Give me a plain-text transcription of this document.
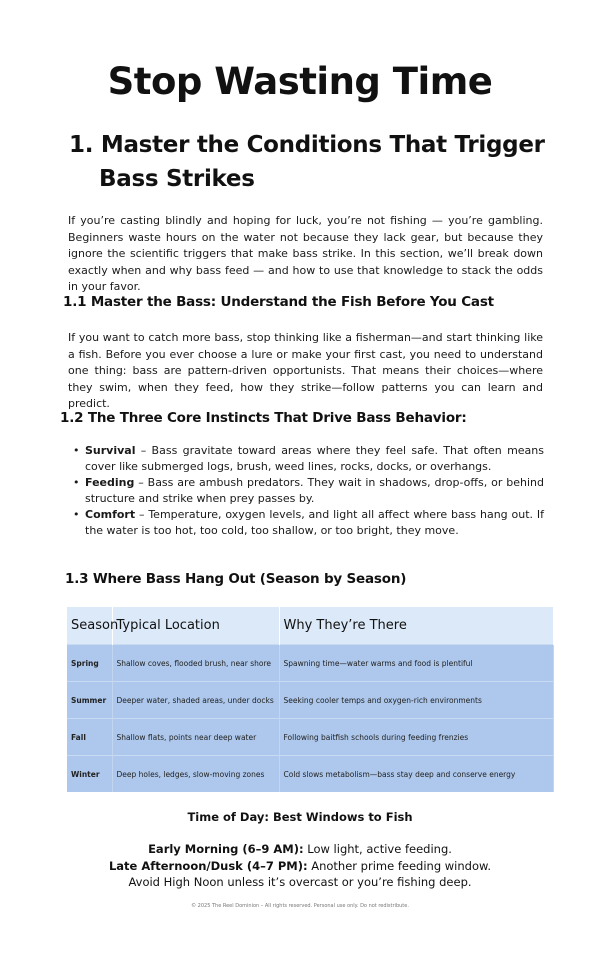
Stop Wasting Time
1. Master the Conditions That Trigger
Bass Strikes

If you’re casting blindly and hoping for luck, you’re not fishing — you’re gambling. Beginners waste hours on the water not because they lack gear, but because they ignore the scientific triggers that make bass strike. In this section, we’ll break down exactly when and why bass feed — and how to use that knowledge to stack the odds in your favor.

1.1 Master the Bass: Understand the Fish Before You Cast

If you want to catch more bass, stop thinking like a fisherman—and start thinking like a fish. Before you ever choose a lure or make your first cast, you need to understand one thing: bass are pattern-driven opportunists. That means their choices—where they swim, when they feed, how they strike—follow patterns you can learn and predict.

1.2 The Three Core Instincts That Drive Bass Behavior:
• Survival – Bass gravitate toward areas where they feel safe. That often means cover like submerged logs, brush, weed lines, rocks, docks, or overhangs.
• Feeding – Bass are ambush predators. They wait in shadows, drop-offs, or behind structure and strike when prey passes by.
• Comfort – Temperature, oxygen levels, and light all affect where bass hang out. If the water is too hot, too cold, too shallow, or too bright, they move.
1.3 Where Bass Hang Out (Season by Season)
Season	Typical Location	Why They’re There
Spring	Shallow coves, flooded brush, near shore	Spawning time—water warms and food is plentiful
Summer	Deeper water, shaded areas, under docks	Seeking cooler temps and oxygen-rich environments
Fall	Shallow flats, points near deep water	Following baitfish schools during feeding frenzies
Winter	Deep holes, ledges, slow-moving zones	Cold slows metabolism—bass stay deep and conserve energy

Time of Day: Best Windows to Fish

Early Morning (6–9 AM): Low light, active feeding.
Late Afternoon/Dusk (4–7 PM): Another prime feeding window.
Avoid High Noon unless it’s overcast or you’re fishing deep.

© 2025 The Reel Dominion – All rights reserved. Personal use only. Do not redistribute.
